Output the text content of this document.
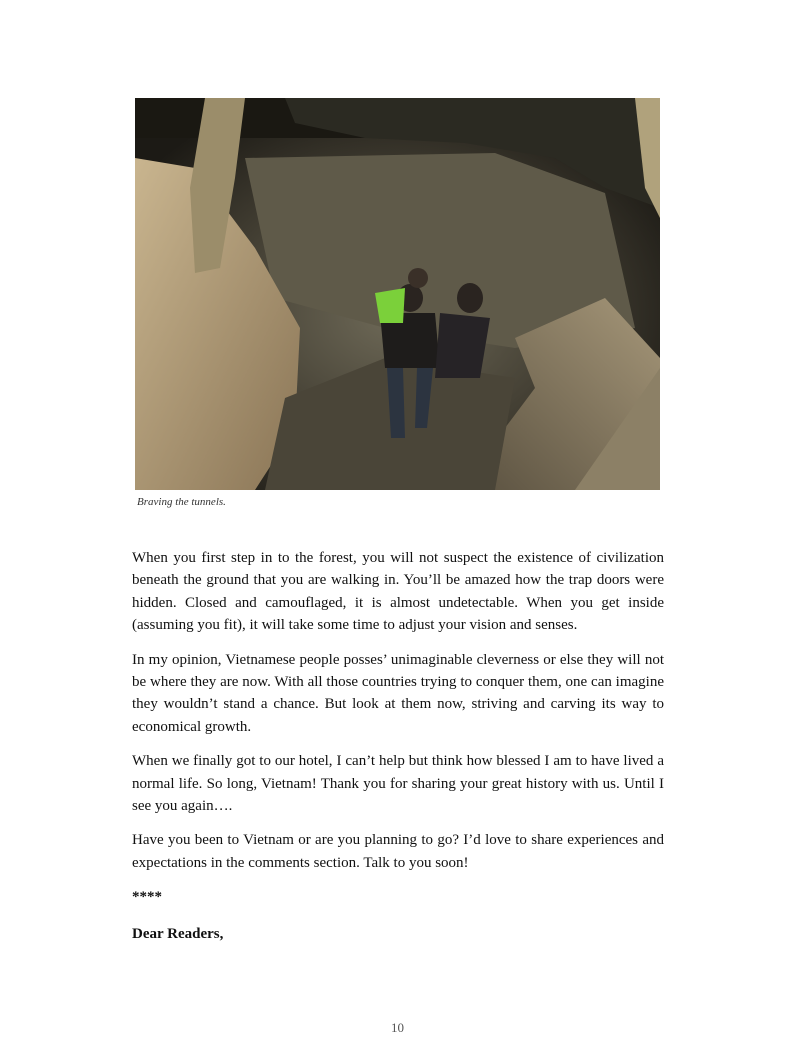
Braving the tunnels.

When you first step in to the forest, you will not suspect the existence of civilization beneath the ground that you are walking in. You’ll be amazed how the trap doors were hidden. Closed and camouflaged, it is almost undetectable. When you get inside (assuming you fit), it will take some time to adjust your vision and senses.

In my opinion, Vietnamese people posses’ unimaginable cleverness or else they will not be where they are now. With all those countries trying to conquer them, one can imagine they wouldn’t stand a chance. But look at them now, striving and carving its way to economical growth.

When we finally got to our hotel, I can’t help but think how blessed I am to have lived a normal life. So long, Vietnam! Thank you for sharing your great history with us. Until I see you again….

Have you been to Vietnam or are you planning to go? I’d love to share experiences and expectations in the comments section. Talk to you soon!

****

Dear Readers,

10
